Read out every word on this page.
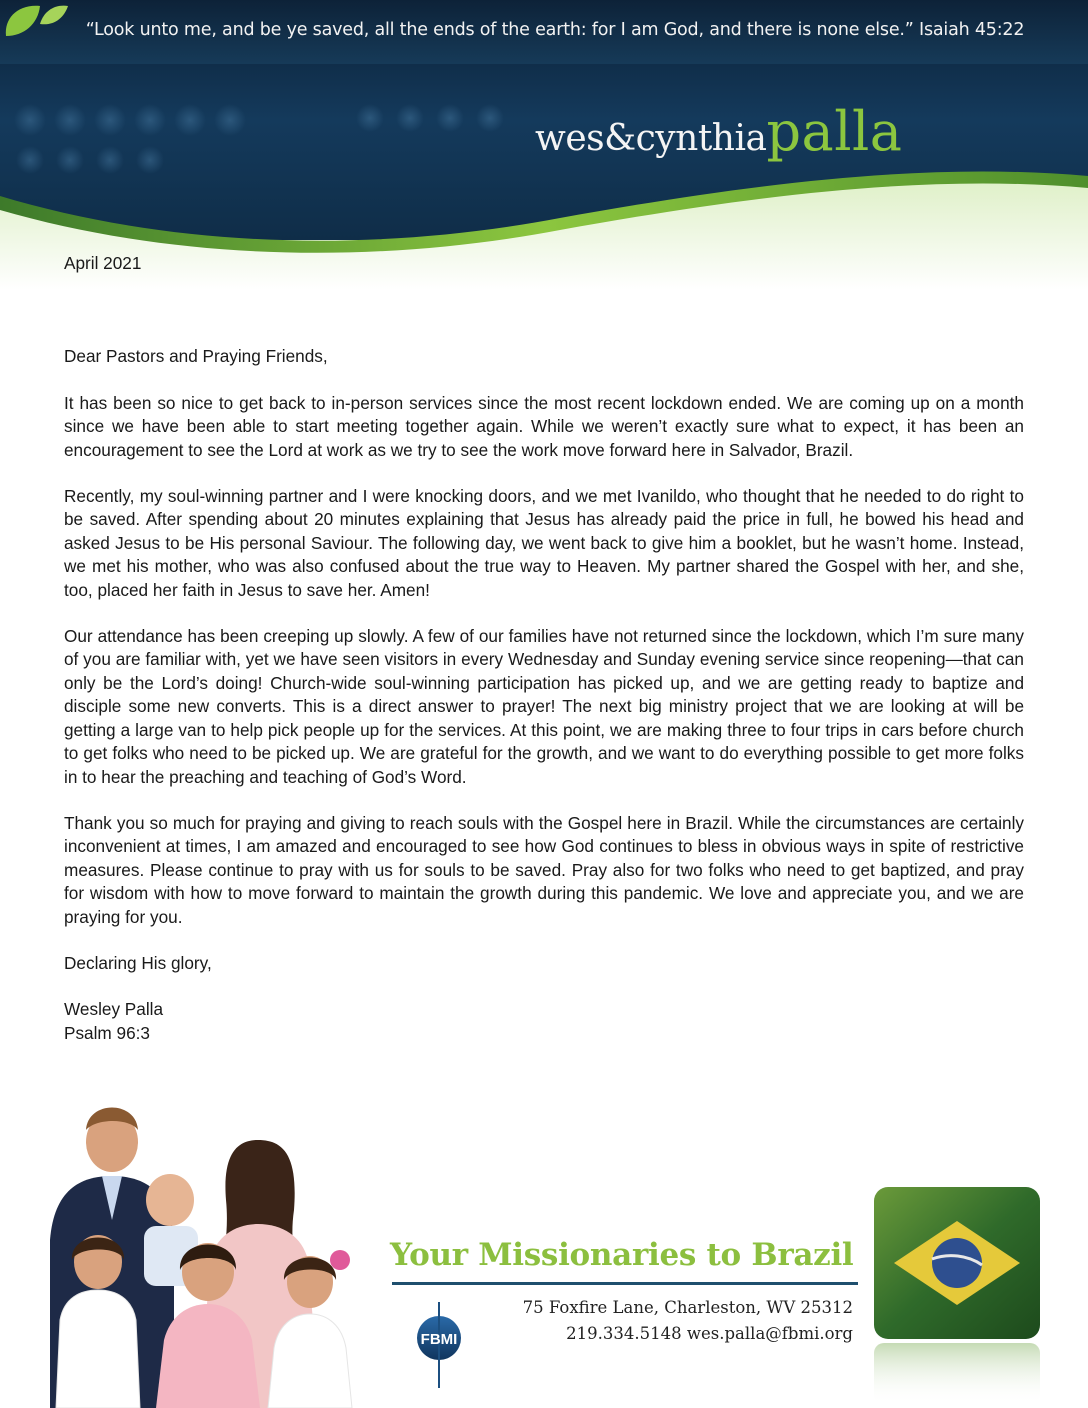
“Look unto me, and be ye saved, all the ends of the earth: for I am God, and there is none else.” Isaiah 45:22
wes&cynthiapalla

April 2021

Dear Pastors and Praying Friends,

It has been so nice to get back to in-person services since the most recent lockdown ended. We are coming up on a month since we have been able to start meeting together again. While we weren’t exactly sure what to expect, it has been an encouragement to see the Lord at work as we try to see the work move forward here in Salvador, Brazil.

Recently, my soul-winning partner and I were knocking doors, and we met Ivanildo, who thought that he needed to do right to be saved. After spending about 20 minutes explaining that Jesus has already paid the price in full, he bowed his head and asked Jesus to be His personal Saviour. The following day, we went back to give him a booklet, but he wasn’t home. Instead, we met his mother, who was also confused about the true way to Heaven. My partner shared the Gospel with her, and she, too, placed her faith in Jesus to save her. Amen!

Our attendance has been creeping up slowly. A few of our families have not returned since the lockdown, which I’m sure many of you are familiar with, yet we have seen visitors in every Wednesday and Sunday evening service since reopening—that can only be the Lord’s doing! Church-wide soul-winning participation has picked up, and we are getting ready to baptize and disciple some new converts. This is a direct answer to prayer! The next big ministry project that we are looking at will be getting a large van to help pick people up for the services. At this point, we are making three to four trips in cars before church to get folks who need to be picked up. We are grateful for the growth, and we want to do everything possible to get more folks in to hear the preaching and teaching of God’s Word.

Thank you so much for praying and giving to reach souls with the Gospel here in Brazil. While the circumstances are certainly inconvenient at times, I am amazed and encouraged to see how God continues to bless in obvious ways in spite of restrictive measures. Please continue to pray with us for souls to be saved. Pray also for two folks who need to get baptized, and pray for wisdom with how to move forward to maintain the growth during this pandemic. We love and appreciate you, and we are praying for you.

Declaring His glory,

Wesley Palla

Psalm 96:3

Your Missionaries to Brazil
FBMI
75 Foxfire Lane, Charleston, WV 25312
219.334.5148 wes.palla@fbmi.org
